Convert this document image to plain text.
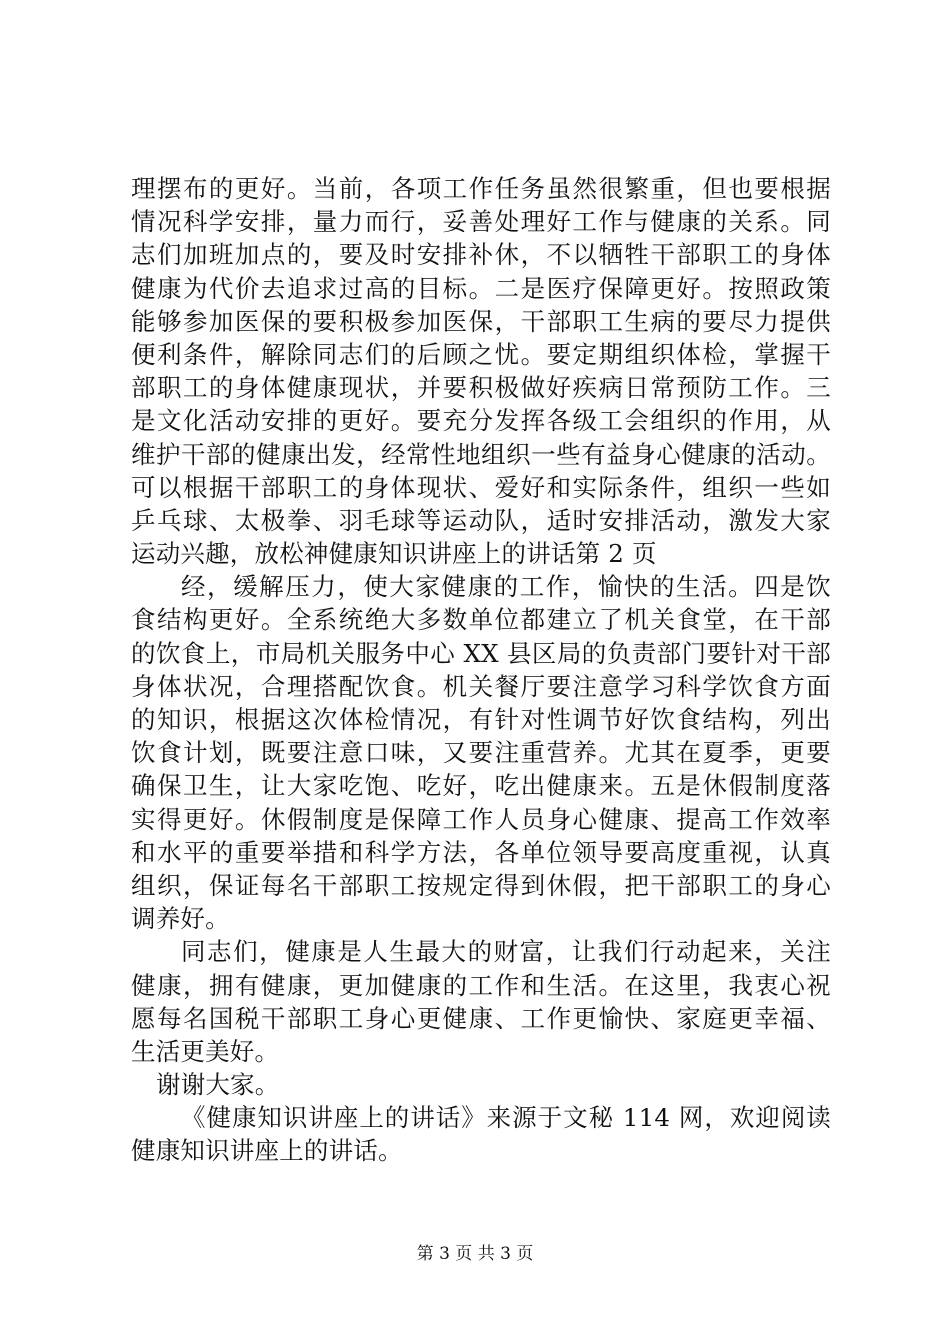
理摆布的更好。当前，各项工作任务虽然很繁重，但也要根据
情况科学安排，量力而行，妥善处理好工作与健康的关系。同
志们加班加点的，要及时安排补休，不以牺牲干部职工的身体
健康为代价去追求过高的目标。二是医疗保障更好。按照政策
能够参加医保的要积极参加医保，干部职工生病的要尽力提供
便利条件，解除同志们的后顾之忧。要定期组织体检，掌握干
部职工的身体健康现状，并要积极做好疾病日常预防工作。三
是文化活动安排的更好。要充分发挥各级工会组织的作用，从
维护干部的健康出发，经常性地组织一些有益身心健康的活动。
可以根据干部职工的身体现状、爱好和实际条件，组织一些如
乒乓球、太极拳、羽毛球等运动队，适时安排活动，激发大家
运动兴趣，放松神健康知识讲座上的讲话第 2 页
经，缓解压力，使大家健康的工作，愉快的生活。四是饮
食结构更好。全系统绝大多数单位都建立了机关食堂，在干部
的饮食上，市局机关服务中心 XX 县区局的负责部门要针对干部
身体状况，合理搭配饮食。机关餐厅要注意学习科学饮食方面
的知识，根据这次体检情况，有针对性调节好饮食结构，列出
饮食计划，既要注意口味，又要注重营养。尤其在夏季，更要
确保卫生，让大家吃饱、吃好，吃出健康来。五是休假制度落
实得更好。休假制度是保障工作人员身心健康、提高工作效率
和水平的重要举措和科学方法，各单位领导要高度重视，认真
组织，保证每名干部职工按规定得到休假，把干部职工的身心
调养好。
同志们，健康是人生最大的财富，让我们行动起来，关注
健康，拥有健康，更加健康的工作和生活。在这里，我衷心祝
愿每名国税干部职工身心更健康、工作更愉快、家庭更幸福、
生活更美好。
谢谢大家。
《健康知识讲座上的讲话》来源于文秘 114 网，欢迎阅读
健康知识讲座上的讲话。
第 3 页 共 3 页
